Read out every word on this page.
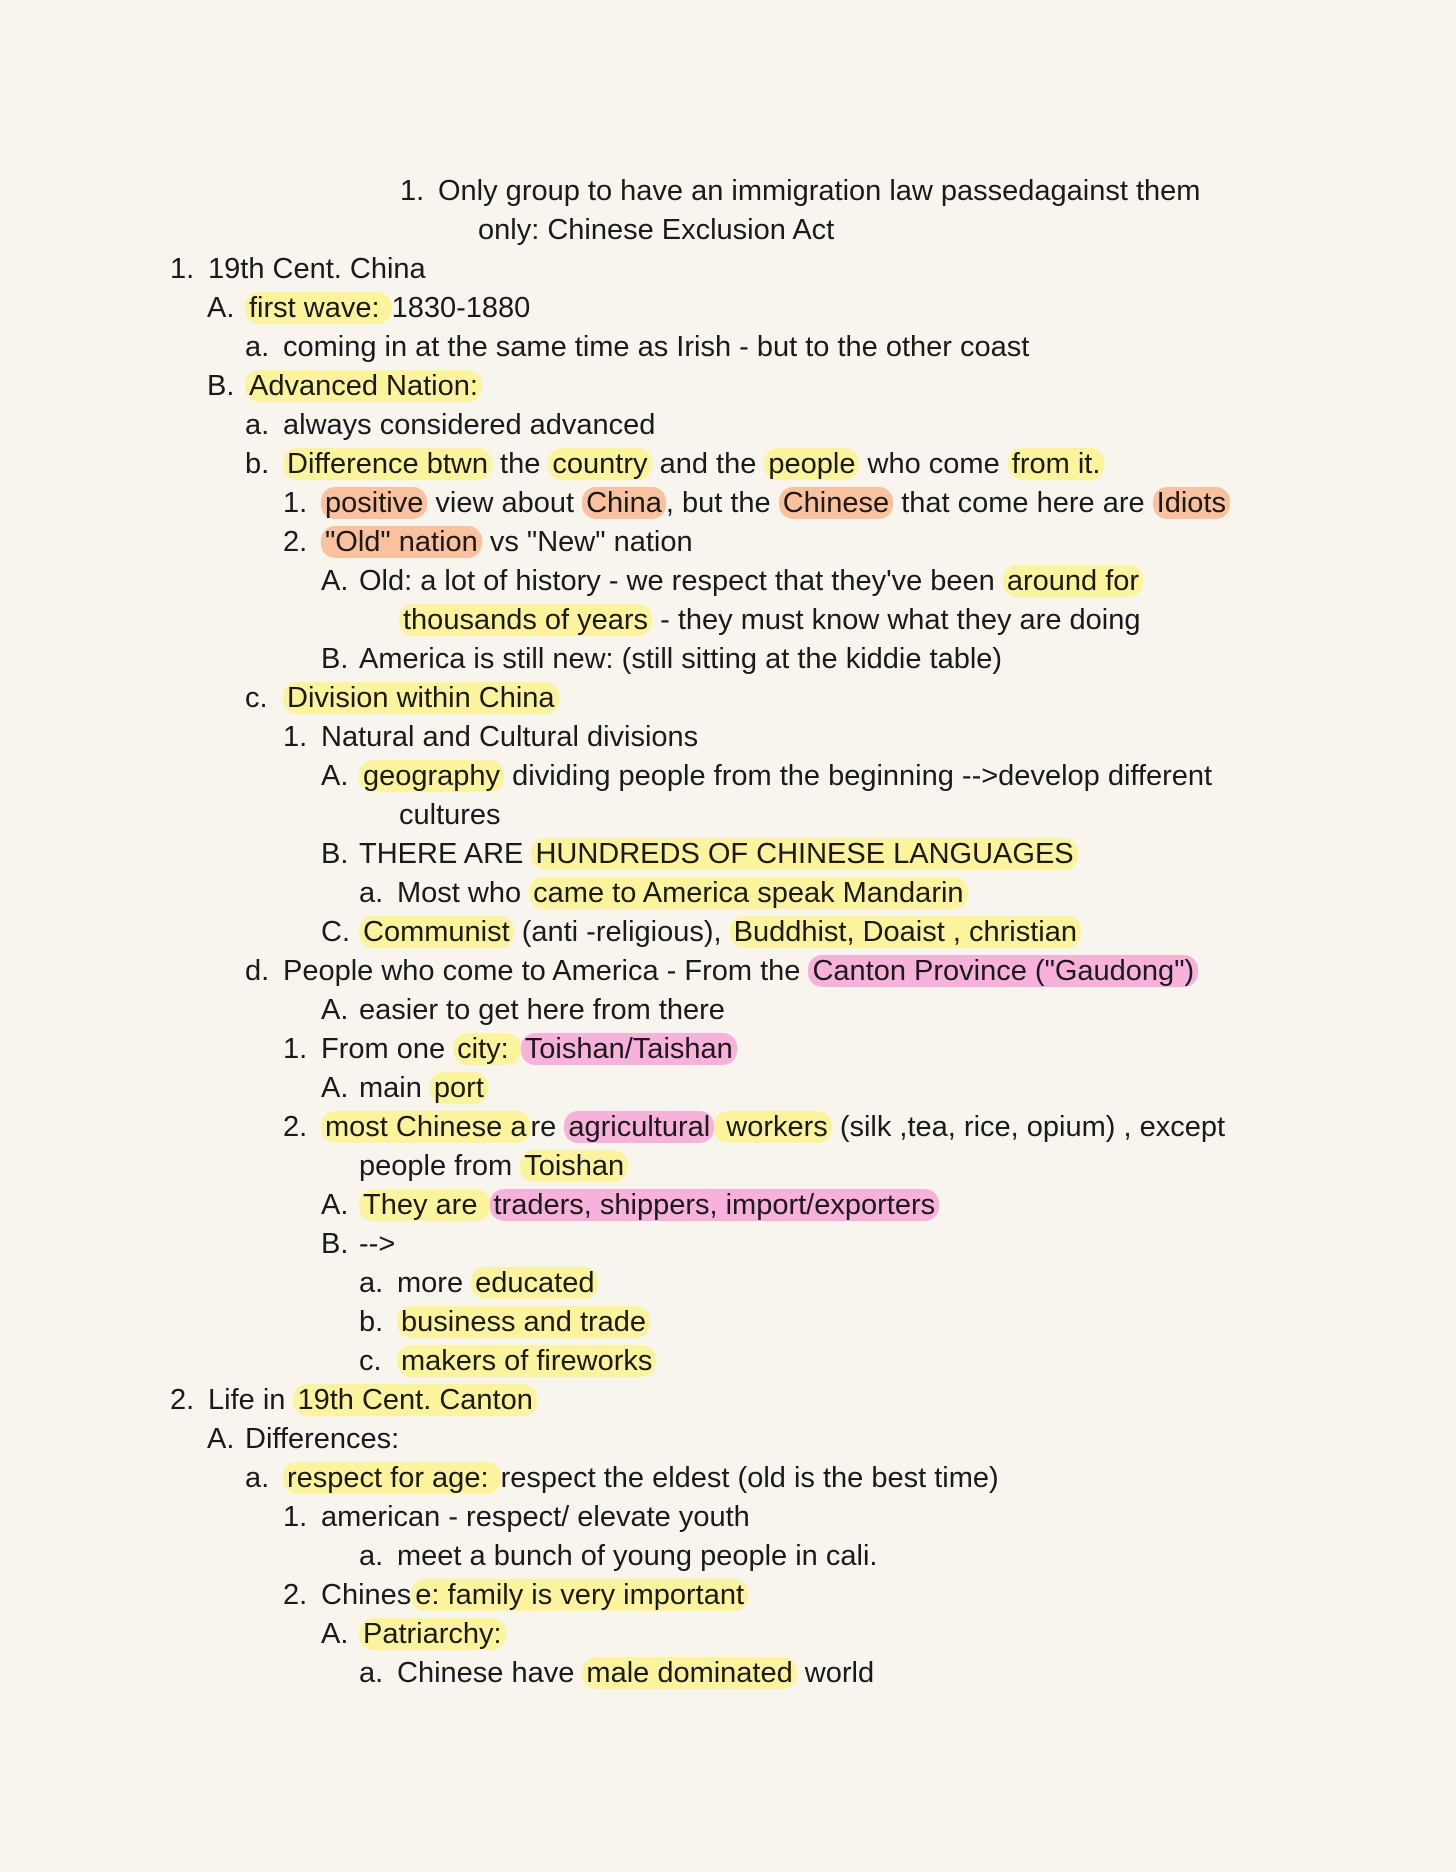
1. Only group to have an immigration law passedagainst them
only: Chinese Exclusion Act
1. 19th Cent. China
A. first wave: 1830-1880
a. coming in at the same time as Irish - but to the other coast
B. Advanced Nation:
a. always considered advanced
b. Difference btwn the country and the people who come from it.
1. positive view about China , but the Chinese that come here are Idiots
2. "Old" nation vs "New" nation
A. Old: a lot of history - we respect that they've been around for
thousands of years - they must know what they are doing
B. America is still new: (still sitting at the kiddie table)
c. Division within China
1. Natural and Cultural divisions
A. geography dividing people from the beginning -->develop different
cultures
B. THERE ARE HUNDREDS OF CHINESE LANGUAGES
a. Most who came to America speak Mandarin
C. Communist (anti -religious), Buddhist, Doaist , christian
d. People who come to America - From the Canton Province ("Gaudong")
A. easier to get here from there
1. From one city: Toishan/Taishan
A. main port
2. most Chinese a re agricultural workers (silk ,tea, rice, opium) , except
people from Toishan
A. They are traders, shippers, import/exporters
B. -->
a. more educated
b. business and trade
c. makers of fireworks
2. Life in 19th Cent. Canton
A. Differences:
a. respect for age: respect the eldest (old is the best time)
1. american - respect/ elevate youth
a. meet a bunch of young people in cali.
2. Chines e: family is very important
A. Patriarchy:
a. Chinese have male dominated world
